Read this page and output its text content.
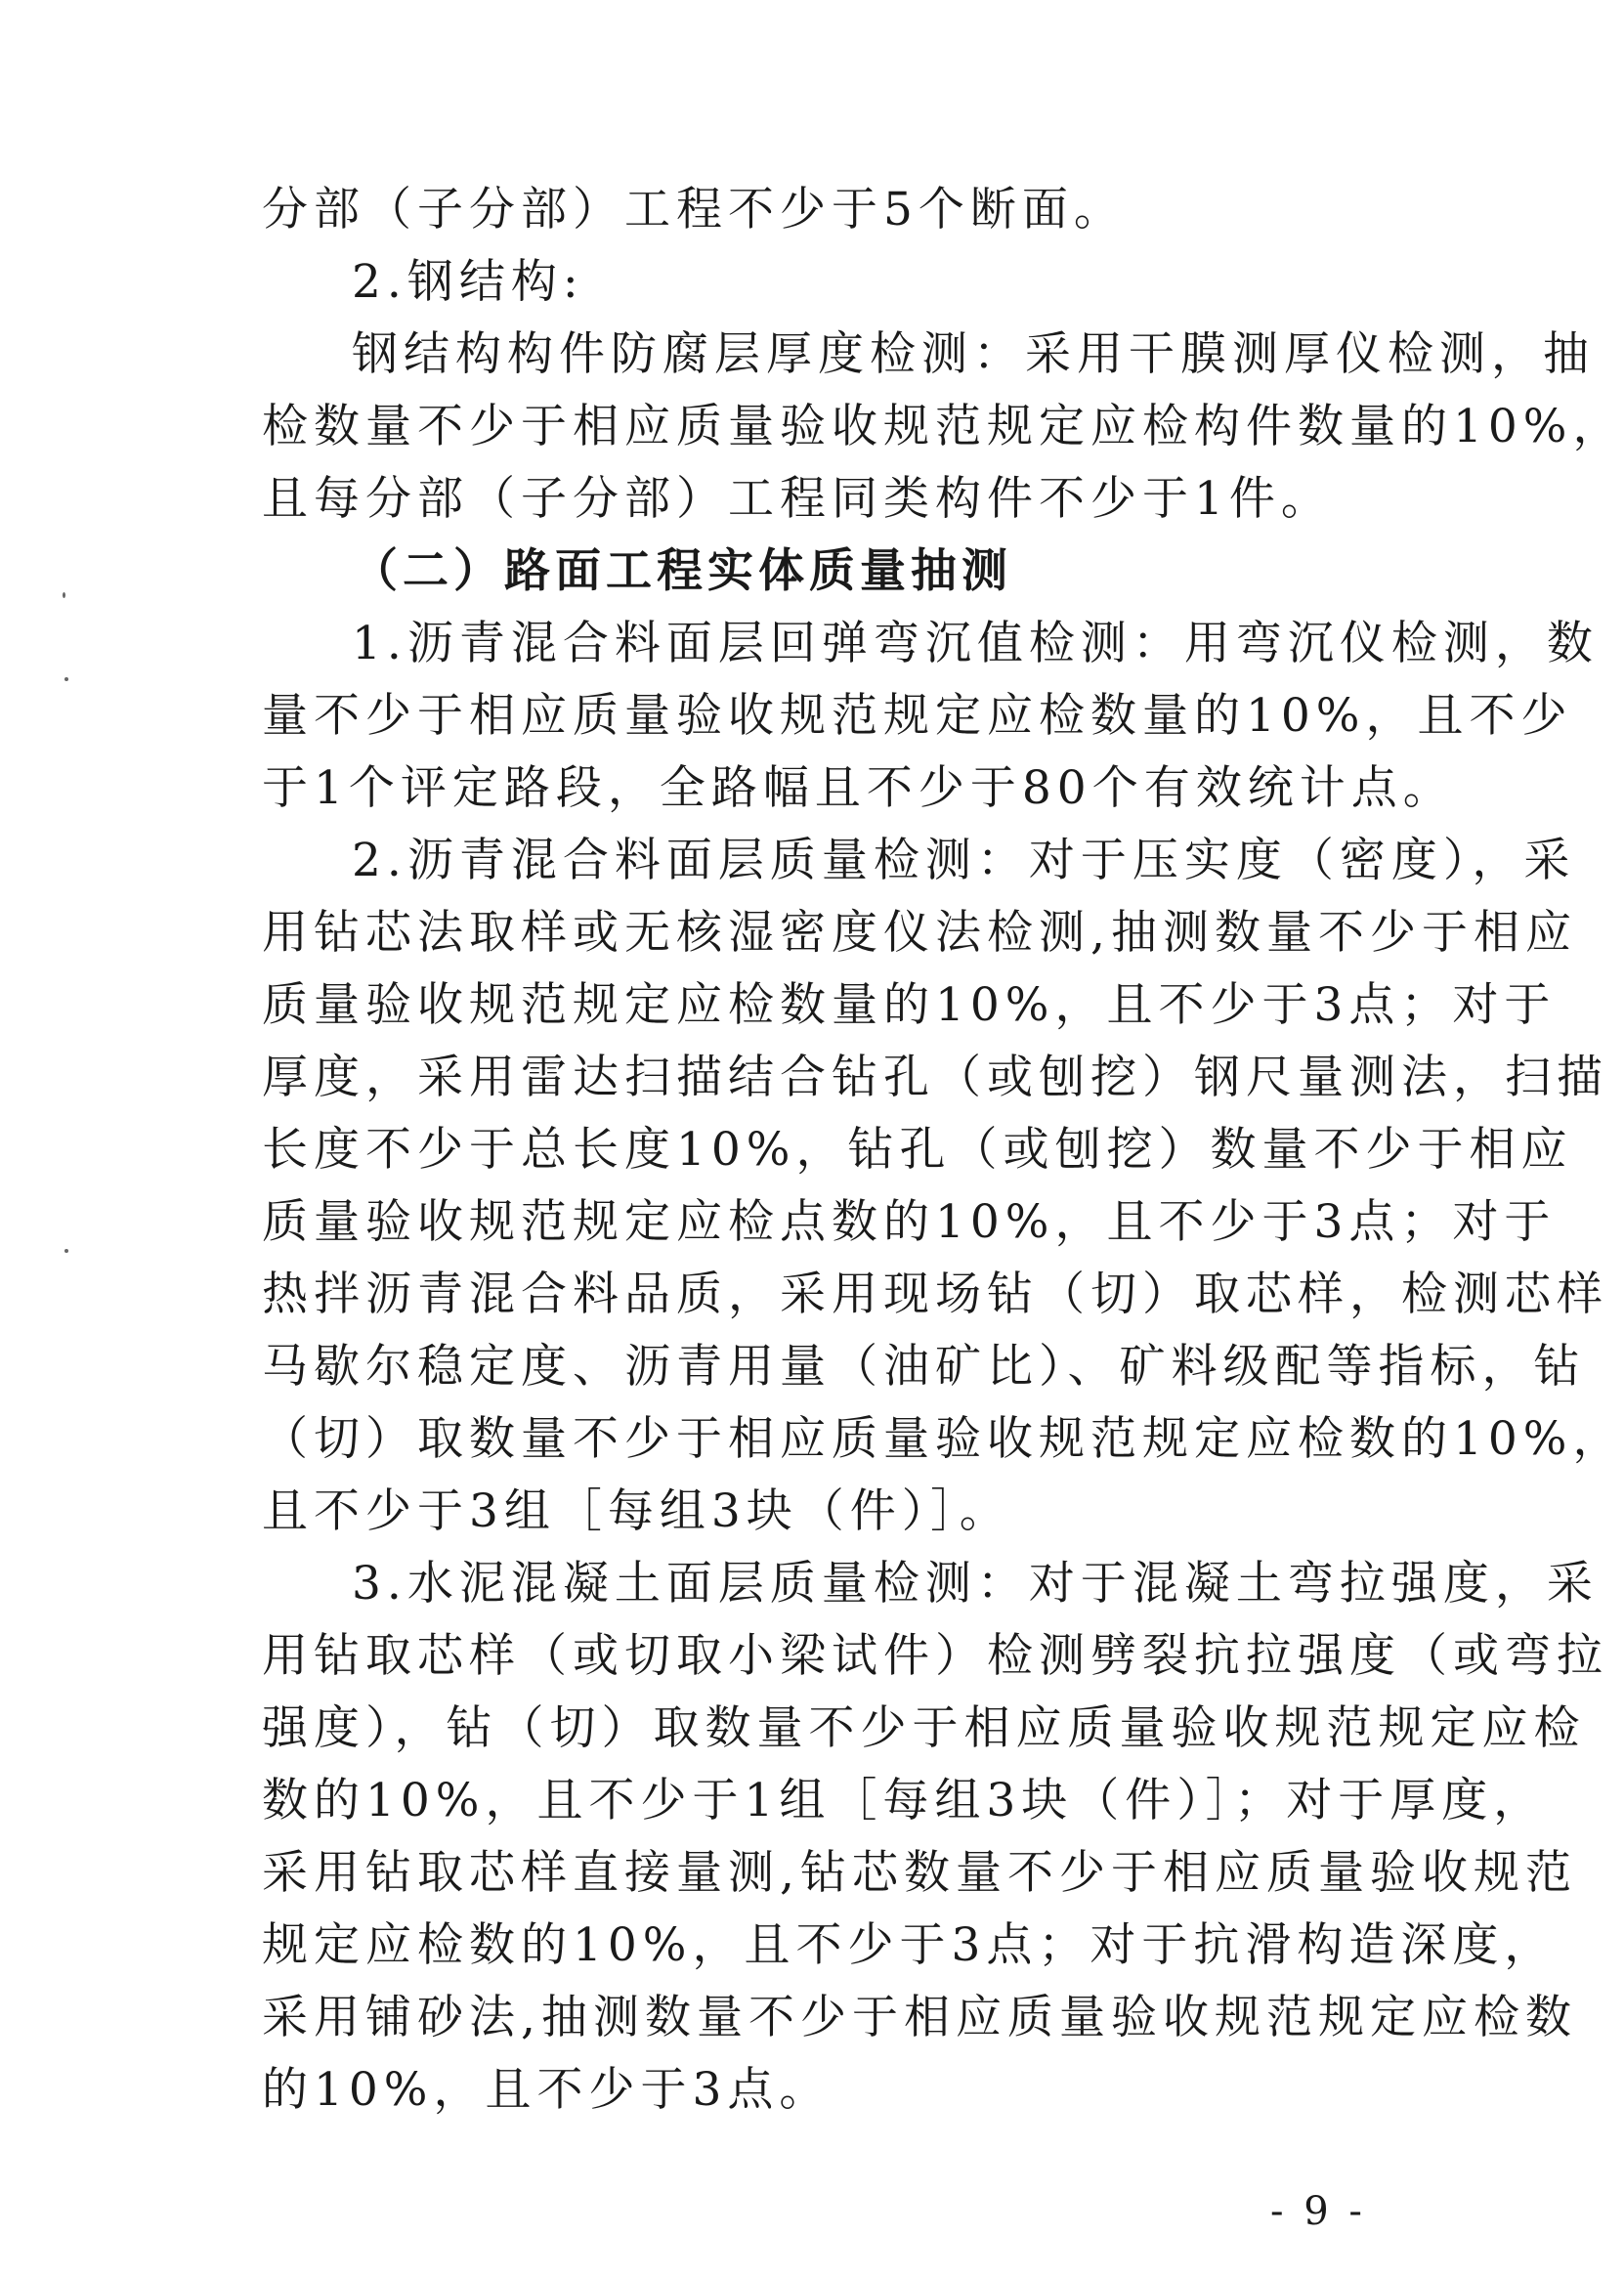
分部（子分部）工程不少于5个断面。
2.钢结构:
钢结构构件防腐层厚度检测：采用干膜测厚仪检测，抽
检数量不少于相应质量验收规范规定应检构件数量的10%，
且每分部（子分部）工程同类构件不少于1件。
（二）路面工程实体质量抽测
1.沥青混合料面层回弹弯沉值检测：用弯沉仪检测，数
量不少于相应质量验收规范规定应检数量的10%，且不少
于1个评定路段，全路幅且不少于80个有效统计点。
2.沥青混合料面层质量检测：对于压实度（密度），采
用钻芯法取样或无核湿密度仪法检测,抽测数量不少于相应
质量验收规范规定应检数量的10%，且不少于3点；对于
厚度，采用雷达扫描结合钻孔（或刨挖）钢尺量测法，扫描
长度不少于总长度10%，钻孔（或刨挖）数量不少于相应
质量验收规范规定应检点数的10%，且不少于3点；对于
热拌沥青混合料品质，采用现场钻（切）取芯样，检测芯样
马歇尔稳定度、沥青用量（油矿比）、矿料级配等指标，钻
（切）取数量不少于相应质量验收规范规定应检数的10%，
且不少于3组［每组3块（件）］。
3.水泥混凝土面层质量检测：对于混凝土弯拉强度，采
用钻取芯样（或切取小梁试件）检测劈裂抗拉强度（或弯拉
强度），钻（切）取数量不少于相应质量验收规范规定应检
数的10%，且不少于1组［每组3块（件）］；对于厚度，
采用钻取芯样直接量测,钻芯数量不少于相应质量验收规范
规定应检数的10%，且不少于3点；对于抗滑构造深度，
采用铺砂法,抽测数量不少于相应质量验收规范规定应检数
的10%，且不少于3点。
- 9 -
